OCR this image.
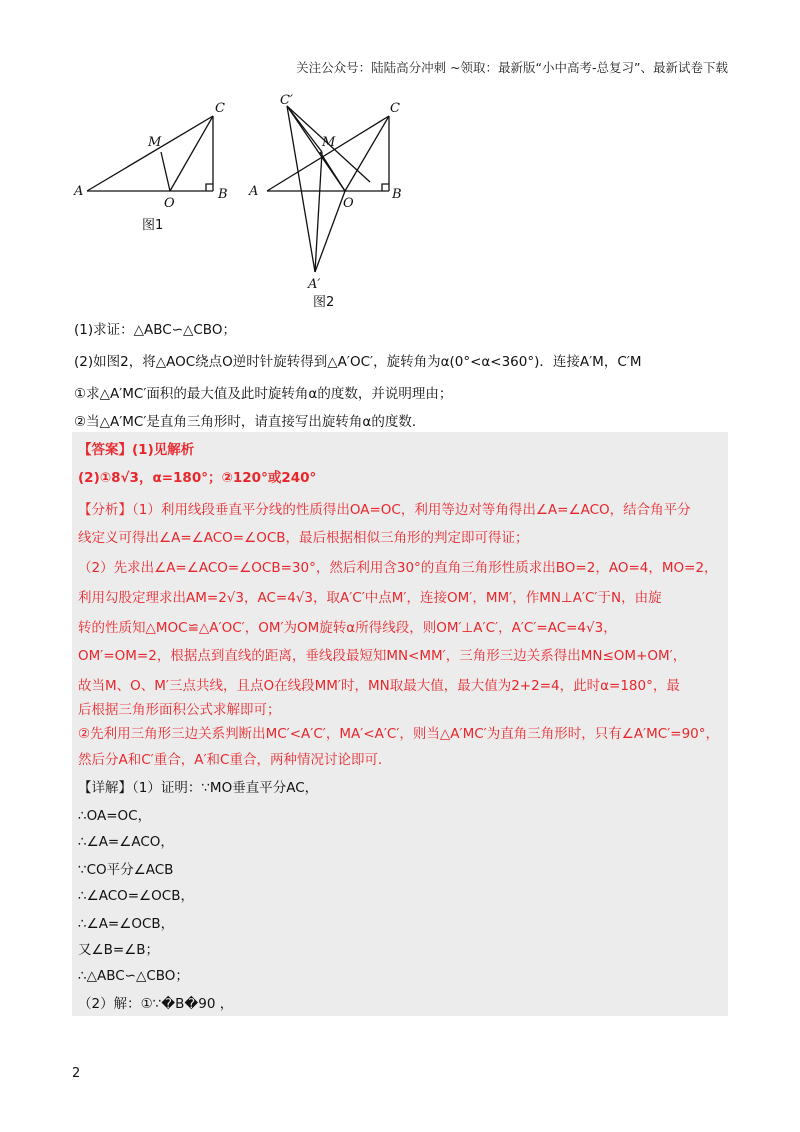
关注公众号：陆陆高分冲刺 ~领取：最新版“小中高考-总复习”、最新试卷下载
A	B
C
M
O
图1
A	B
C
M
O
C′
A′
图2
(1)求证：△ABC∽△CBO；
(2)如图2，将△AOC绕点O逆时针旋转得到△A′OC′，旋转角为α(0°<α<360°)．连接A′M，C′M
①求△A′MC′面积的最大值及此时旋转角α的度数，并说明理由；
②当△A′MC′是直角三角形时，请直接写出旋转角α的度数．
【答案】(1)见解析
(2)①8√3，α=180°；②120°或240°
【分析】（1）利用线段垂直平分线的性质得出OA=OC，利用等边对等角得出∠A=∠ACO，结合角平分
线定义可得出∠A=∠ACO=∠OCB，最后根据相似三角形的判定即可得证；
（2）先求出∠A=∠ACO=∠OCB=30°，然后利用含30°的直角三角形性质求出BO=2，AO=4，MO=2，
利用勾股定理求出AM=2√3，AC=4√3，取A′C′中点M′，连接OM′，MM′，作MN⊥A′C′于N，由旋
转的性质知△MOC≌△A′OC′，OM′为OM旋转α所得线段，则OM′⊥A′C′，A′C′=AC=4√3，
OM′=OM=2，根据点到直线的距离，垂线段最短知MN<MM′，三角形三边关系得出MN≤OM+OM′，
故当M、O、M′三点共线，且点O在线段MM′时，MN取最大值，最大值为2+2=4，此时α=180°，最
后根据三角形面积公式求解即可；
②先利用三角形三边关系判断出MC′<A′C′，MA′<A′C′，则当△A′MC′为直角三角形时，只有∠A′MC′=90°，
然后分A和C′重合，A′和C重合，两种情况讨论即可．
【详解】（1）证明：∵MO垂直平分AC，
∴OA=OC，
∴∠A=∠ACO，
∵CO平分∠ACB
∴∠ACO=∠OCB，
∴∠A=∠OCB，
又∠B=∠B；
∴△ABC∽△CBO；
（2）解：①∵�B�90 ，
2
